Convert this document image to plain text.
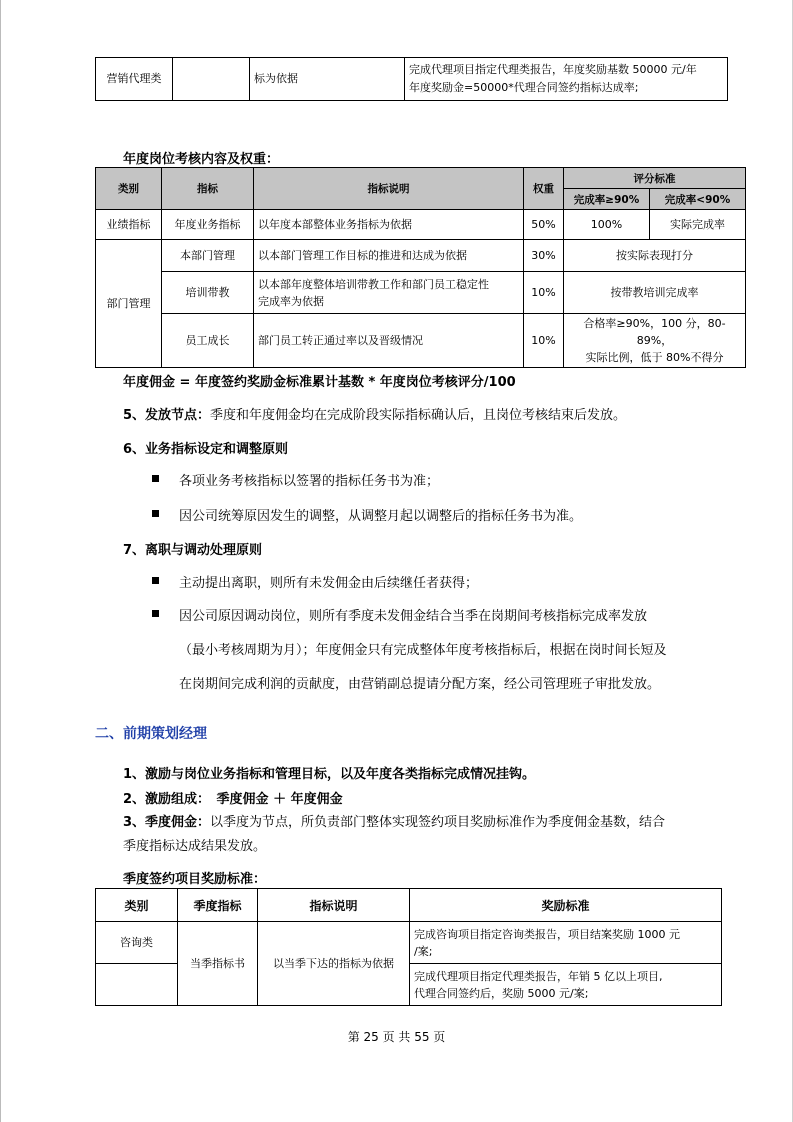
营销代理类		标为依据	
完成代理项目指定代理类报告，年度奖励基数 50000 元/年
年度奖励金=50000*代理合同签约指标达成率;
年度岗位考核内容及权重：
类别	指标	指标说明	权重	评分标准	
				完成率≥90%	完成率<90%
业绩指标	年度业务指标	以年度本部整体业务指标为依据	50%	100%	实际完成率
部门管理	本部门管理	以本部门管理工作目标的推进和达成为依据	30%	按实际表现打分	
	培训带教	以本部年度整体培训带教工作和部门员工稳定性
完成率为依据	10%	按带教培训完成率	
	员工成长	部门员工转正通过率以及晋级情况	10%	合格率≥90%，100 分，80-89%，
实际比例，低于 80%不得分	
年度佣金 = 年度签约奖励金标准累计基数 * 年度岗位考核评分/100
5、发放节点：季度和年度佣金均在完成阶段实际指标确认后，且岗位考核结束后发放。
6、业务指标设定和调整原则
各项业务考核指标以签署的指标任务书为准；
因公司统筹原因发生的调整，从调整月起以调整后的指标任务书为准。
7、离职与调动处理原则
主动提出离职，则所有未发佣金由后续继任者获得；
因公司原因调动岗位，则所有季度未发佣金结合当季在岗期间考核指标完成率发放
（最小考核周期为月）；年度佣金只有完成整体年度考核指标后，根据在岗时间长短及
在岗期间完成利润的贡献度，由营销副总提请分配方案，经公司管理班子审批发放。
二、前期策划经理
1、激励与岗位业务指标和管理目标，以及年度各类指标完成情况挂钩。
2、激励组成：　季度佣金 ＋ 年度佣金
3、季度佣金：以季度为节点，所负责部门整体实现签约项目奖励标准作为季度佣金基数，结合
季度指标达成结果发放。
季度签约项目奖励标准：
类别	季度指标	指标说明	奖励标准
咨询类	当季指标书	以当季下达的指标为依据	完成咨询项目指定咨询类报告，项目结案奖励 1000 元
/案;

			完成代理项目指定代理类报告，年销 5 亿以上项目,
代理合同签约后，奖励 5000 元/案;
第 25 页 共 55 页
